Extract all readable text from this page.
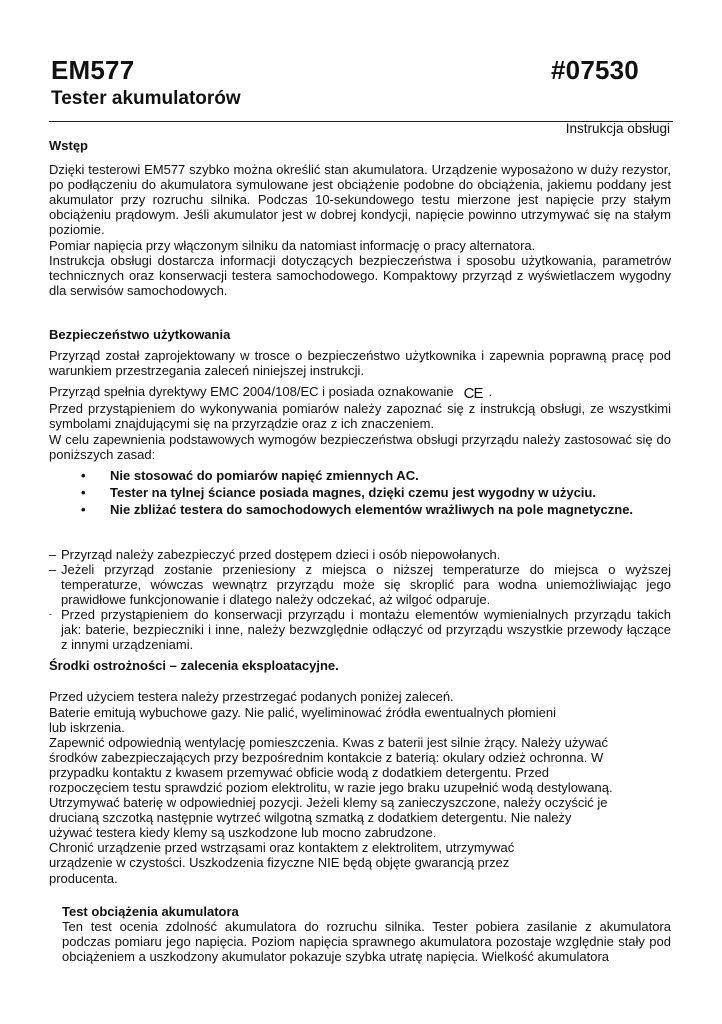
EM577	#07530
Tester akumulatorów
Instrukcja obsługi

Wstęp

Dzięki testerowi EM577 szybko można określić stan akumulatora. Urządzenie wyposażono w duży rezystor, po podłączeniu do akumulatora symulowane jest obciążenie podobne do obciążenia, jakiemu poddany jest akumulator przy rozruchu silnika. Podczas 10-sekundowego testu mierzone jest napięcie przy stałym obciążeniu prądowym. Jeśli akumulator jest w dobrej kondycji, napięcie powinno utrzymywać się na stałym poziomie.

Pomiar napięcia przy włączonym silniku da natomiast informację o pracy alternatora.

Instrukcja obsługi dostarcza informacji dotyczących bezpieczeństwa i sposobu użytkowania, parametrów technicznych oraz konserwacji testera samochodowego. Kompaktowy przyrząd z wyświetlaczem wygodny dla serwisów samochodowych.

Bezpieczeństwo użytkowania

Przyrząd został zaprojektowany w trosce o bezpieczeństwo użytkownika i zapewnia poprawną pracę pod warunkiem przestrzegania zaleceń niniejszej instrukcji.

Przyrząd spełnia dyrektywy EMC 2004/108/EC i posiada oznakowanie CE .

Przed przystąpieniem do wykonywania pomiarów należy zapoznać się z instrukcją obsługi, ze wszystkimi symbolami znajdującymi się na przyrządzie oraz z ich znaczeniem.

W celu zapewnienia podstawowych wymogów bezpieczeństwa obsługi przyrządu należy zastosować się do poniższych zasad:

• Nie stosować do pomiarów napięć zmiennych AC.
• Tester na tylnej ściance posiada magnes, dzięki czemu jest wygodny w użyciu.
• Nie zbliżać testera do samochodowych elementów wrażliwych na pole magnetyczne.

– Przyrząd należy zabezpieczyć przed dostępem dzieci i osób niepowołanych.

– Jeżeli przyrząd zostanie przeniesiony z miejsca o niższej temperaturze do miejsca o wyższej temperaturze, wówczas wewnątrz przyrządu może się skroplić para wodna uniemożliwiając jego prawidłowe funkcjonowanie i dlatego należy odczekać, aż wilgoć odparuje.

- Przed przystąpieniem do konserwacji przyrządu i montażu elementów wymienialnych przyrządu takich jak: baterie, bezpieczniki i inne, należy bezwzględnie odłączyć od przyrządu wszystkie przewody łączące z innymi urządzeniami.

Środki ostrożności – zalecenia eksploatacyjne.

Przed użyciem testera należy przestrzegać podanych poniżej zaleceń.

Baterie emitują wybuchowe gazy. Nie palić, wyeliminować źródła ewentualnych płomieni

lub iskrzenia.

Zapewnić odpowiednią wentylację pomieszczenia. Kwas z baterii jest silnie żrący. Należy używać

środków zabezpieczających przy bezpośrednim kontakcie z baterią: okulary odzież ochronna. W

przypadku kontaktu z kwasem przemywać obficie wodą z dodatkiem detergentu. Przed

rozpoczęciem testu sprawdzić poziom elektrolitu, w razie jego braku uzupełnić wodą destylowaną.

Utrzymywać baterię w odpowiedniej pozycji. Jeżeli klemy są zanieczyszczone, należy oczyścić je

drucianą szczotką następnie wytrzeć wilgotną szmatką z dodatkiem detergentu. Nie należy

używać testera kiedy klemy są uszkodzone lub mocno zabrudzone.

Chronić urządzenie przed wstrząsami oraz kontaktem z elektrolitem, utrzymywać

urządzenie w czystości. Uszkodzenia fizyczne NIE będą objęte gwarancją przez

producenta.

Test obciążenia akumulatora

Ten test ocenia zdolność akumulatora do rozruchu silnika. Tester pobiera zasilanie z akumulatora podczas pomiaru jego napięcia. Poziom napięcia sprawnego akumulatora pozostaje względnie stały pod obciążeniem a uszkodzony akumulator pokazuje szybka utratę napięcia. Wielkość akumulatora
